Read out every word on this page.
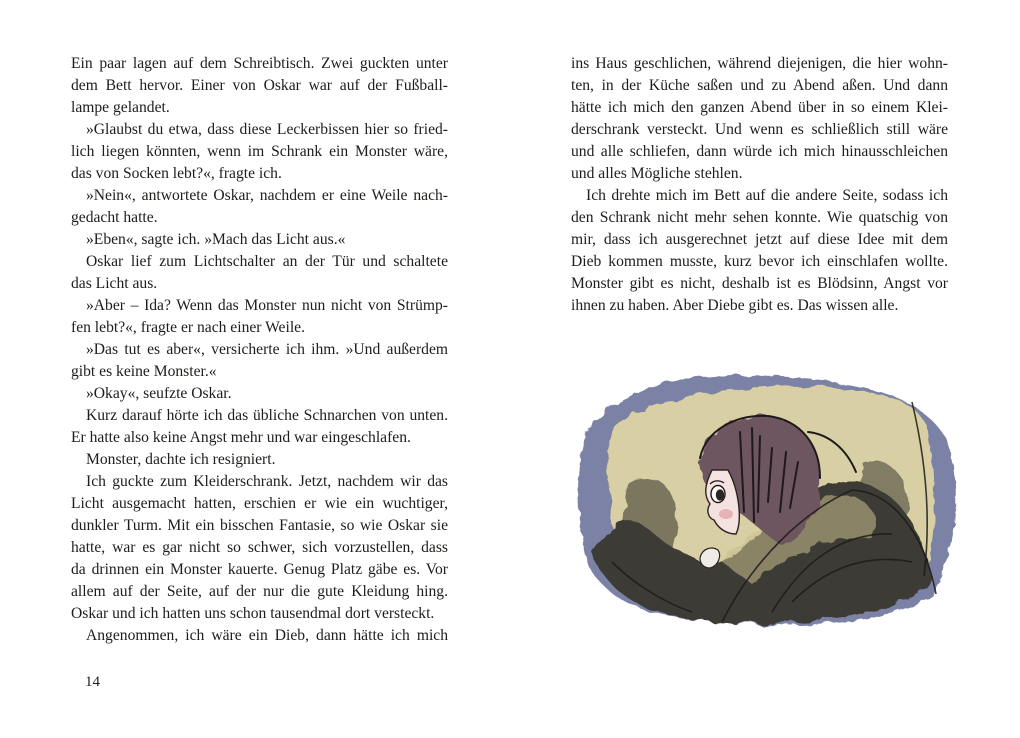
Ein paar lagen auf dem Schreibtisch. Zwei guckten unter
dem Bett hervor. Einer von Oskar war auf der Fußball-
lampe gelandet.
»Glaubst du etwa, dass diese Leckerbissen hier so fried-
lich liegen könnten, wenn im Schrank ein Monster wäre,
das von Socken lebt?«, fragte ich.
»Nein«, antwortete Oskar, nachdem er eine Weile nach-
gedacht hatte.
»Eben«, sagte ich. »Mach das Licht aus.«
Oskar lief zum Lichtschalter an der Tür und schaltete
das Licht aus.
»Aber – Ida? Wenn das Monster nun nicht von Strümp-
fen lebt?«, fragte er nach einer Weile.
»Das tut es aber«, versicherte ich ihm. »Und außerdem
gibt es keine Monster.«
»Okay«, seufzte Oskar.
Kurz darauf hörte ich das übliche Schnarchen von unten.
Er hatte also keine Angst mehr und war eingeschlafen.
Monster, dachte ich resigniert.
Ich guckte zum Kleiderschrank. Jetzt, nachdem wir das
Licht ausgemacht hatten, erschien er wie ein wuchtiger,
dunkler Turm. Mit ein bisschen Fantasie, so wie Oskar sie
hatte, war es gar nicht so schwer, sich vorzustellen, dass
da drinnen ein Monster kauerte. Genug Platz gäbe es. Vor
allem auf der Seite, auf der nur die gute Kleidung hing.
Oskar und ich hatten uns schon tausendmal dort versteckt.
Angenommen, ich wäre ein Dieb, dann hätte ich mich
14
ins Haus geschlichen, während diejenigen, die hier wohn-
ten, in der Küche saßen und zu Abend aßen. Und dann
hätte ich mich den ganzen Abend über in so einem Klei-
derschrank versteckt. Und wenn es schließlich still wäre
und alle schliefen, dann würde ich mich hinausschleichen
und alles Mögliche stehlen.
Ich drehte mich im Bett auf die andere Seite, sodass ich
den Schrank nicht mehr sehen konnte. Wie quatschig von
mir, dass ich ausgerechnet jetzt auf diese Idee mit dem
Dieb kommen musste, kurz bevor ich einschlafen wollte.
Monster gibt es nicht, deshalb ist es Blödsinn, Angst vor
ihnen zu haben. Aber Diebe gibt es. Das wissen alle.
